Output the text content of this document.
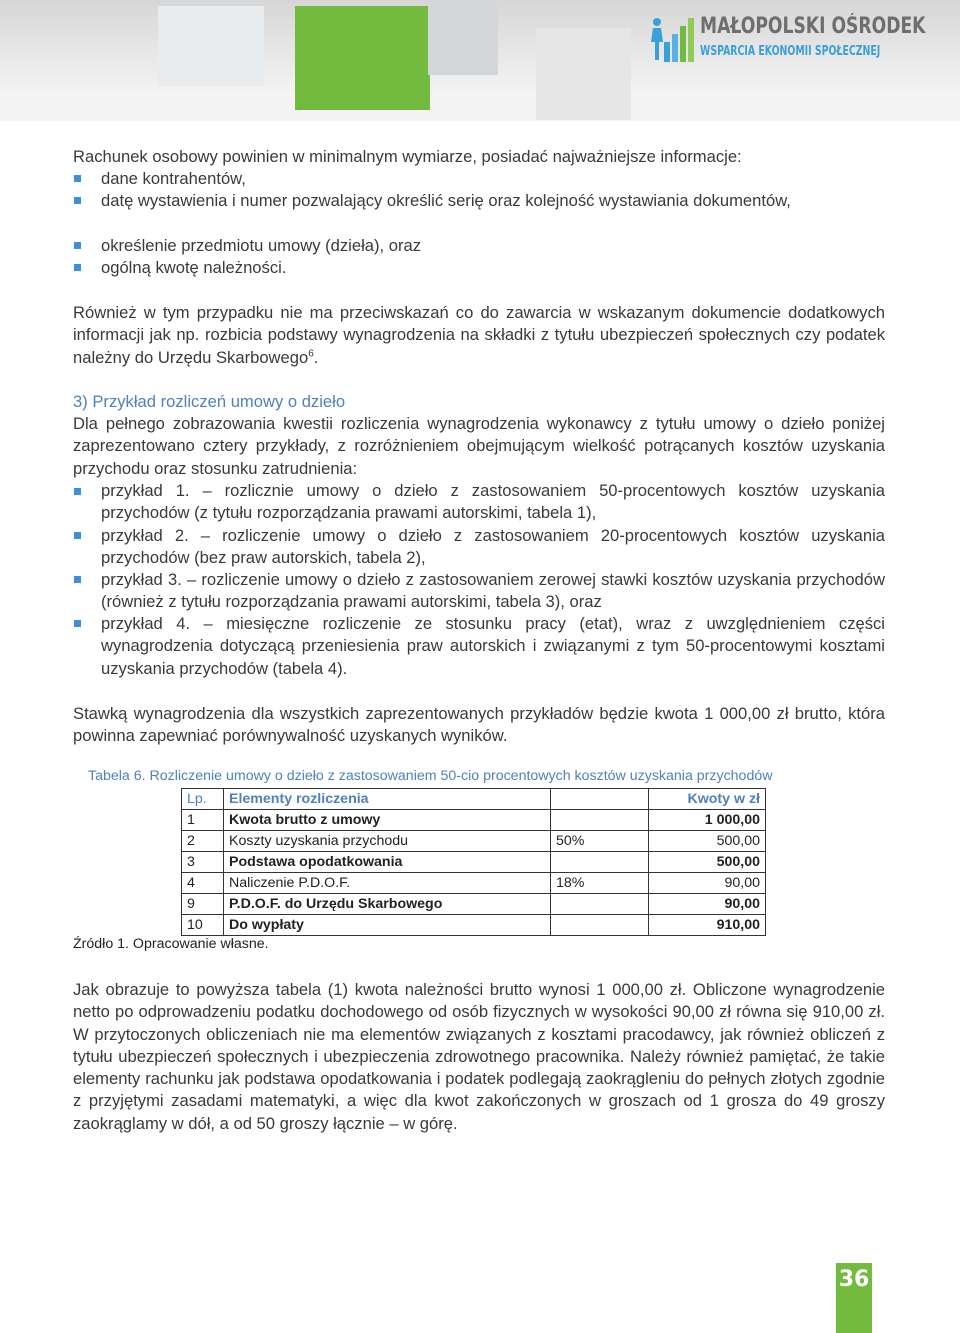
MAŁOPOLSKI OŚRODEK
WSPARCIA EKONOMII SPOŁECZNEJ
Rachunek osobowy powinien w minimalnym wymiarze, posiadać najważniejsze informacje:
dane kontrahentów,
datę wystawienia i numer pozwalający określić serię oraz kolejność wystawiania dokumentów,
określenie przedmiotu umowy (dzieła), oraz
ogólną kwotę należności.
Również w tym przypadku nie ma przeciwskazań co do zawarcia w wskazanym dokumencie dodatkowych informacji jak np. rozbicia podstawy wynagrodzenia na składki z tytułu ubezpieczeń społecznych czy podatek należny do Urzędu Skarbowego$^6$.
3) Przykład rozliczeń umowy o dzieło
Dla pełnego zobrazowania kwestii rozliczenia wynagrodzenia wykonawcy z tytułu umowy o dzieło poniżej zaprezentowano cztery przykłady, z rozróżnieniem obejmującym wielkość potrącanych kosztów uzyskania przychodu oraz stosunku zatrudnienia:
przykład 1. – rozlicznie umowy o dzieło z zastosowaniem 50-procentowych kosztów uzyskania przychodów (z tytułu rozporządzania prawami autorskimi, tabela 1),
przykład 2. – rozliczenie umowy o dzieło z zastosowaniem 20-procentowych kosztów uzyskania przychodów (bez praw autorskich, tabela 2),
przykład 3. – rozliczenie umowy o dzieło z zastosowaniem zerowej stawki kosztów uzyskania przychodów (również z tytułu rozporządzania prawami autorskimi, tabela 3), oraz
przykład 4. – miesięczne rozliczenie ze stosunku pracy (etat), wraz z uwzględnieniem części wynagrodzenia dotyczącą przeniesienia praw autorskich i związanymi z tym 50-procentowymi kosztami uzyskania przychodów (tabela 4).
Stawką wynagrodzenia dla wszystkich zaprezentowanych przykładów będzie kwota 1 000,00 zł brutto, która powinna zapewniać porównywalność uzyskanych wyników.
Tabela 6. Rozliczenie umowy o dzieło z zastosowaniem 50-cio procentowych kosztów uzyskania przychodów
Lp.	Elementy rozliczenia		Kwoty w zł
1	Kwota brutto z umowy		1 000,00
2	Koszty uzyskania przychodu	50%	500,00
3	Podstawa opodatkowania		500,00
4	Naliczenie P.D.O.F.	18%	90,00
9	P.D.O.F. do Urzędu Skarbowego		90,00
10	Do wypłaty		910,00
Źródło 1. Opracowanie własne.
Jak obrazuje to powyższa tabela (1) kwota należności brutto wynosi 1 000,00 zł. Obliczone wynagrodzenie netto po odprowadzeniu podatku dochodowego od osób fizycznych w wysokości 90,00 zł równa się 910,00 zł. W przytoczonych obliczeniach nie ma elementów związanych z kosztami pracodawcy, jak również obliczeń z tytułu ubezpieczeń społecznych i ubezpieczenia zdrowotnego pracownika. Należy również pamiętać, że takie elementy rachunku jak podstawa opodatkowania i podatek podlegają zaokrągleniu do pełnych złotych zgodnie z przyjętymi zasadami matematyki, a więc dla kwot zakończonych w groszach od 1 grosza do 49 groszy zaokrąglamy w dół, a od 50 groszy łącznie – w górę.
36
